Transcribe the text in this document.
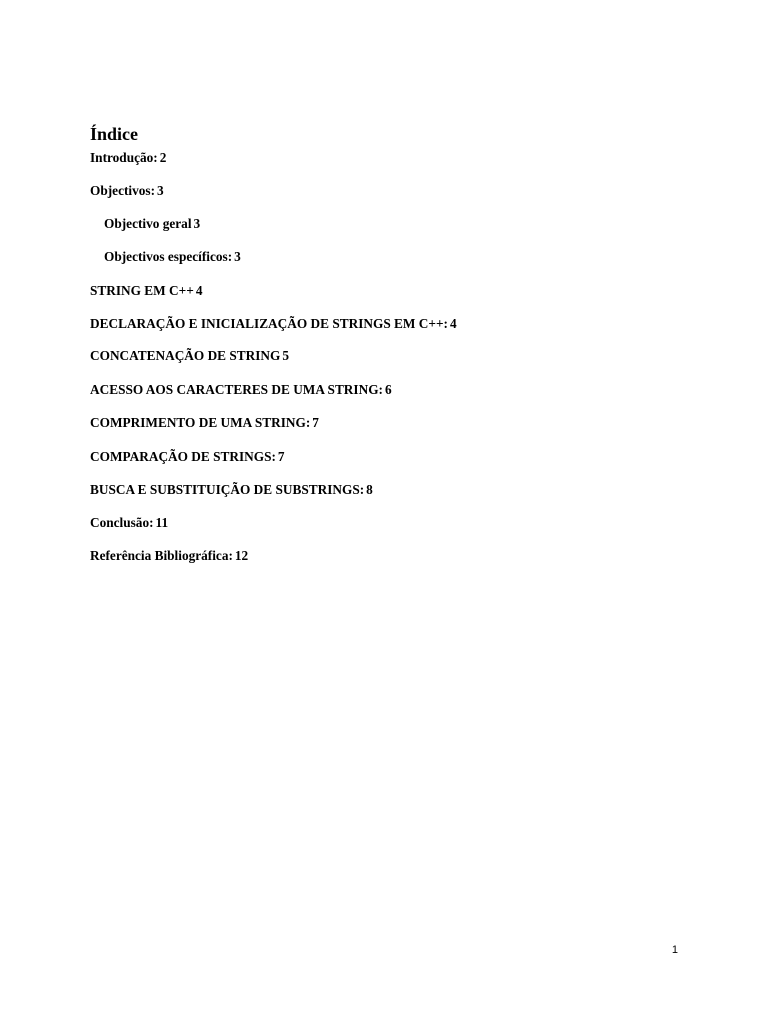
Índice
Introdução: 2
Objectivos: 3
Objectivo geral 3
Objectivos específicos: 3
STRING EM C++ 4
DECLARAÇÃO E INICIALIZAÇÃO DE STRINGS EM C++: 4
CONCATENAÇÃO DE STRING 5
ACESSO AOS CARACTERES DE UMA STRING: 6
COMPRIMENTO DE UMA STRING: 7
COMPARAÇÃO DE STRINGS: 7
BUSCA E SUBSTITUIÇÃO DE SUBSTRINGS: 8
Conclusão: 11
Referência Bibliográfica: 12
1
